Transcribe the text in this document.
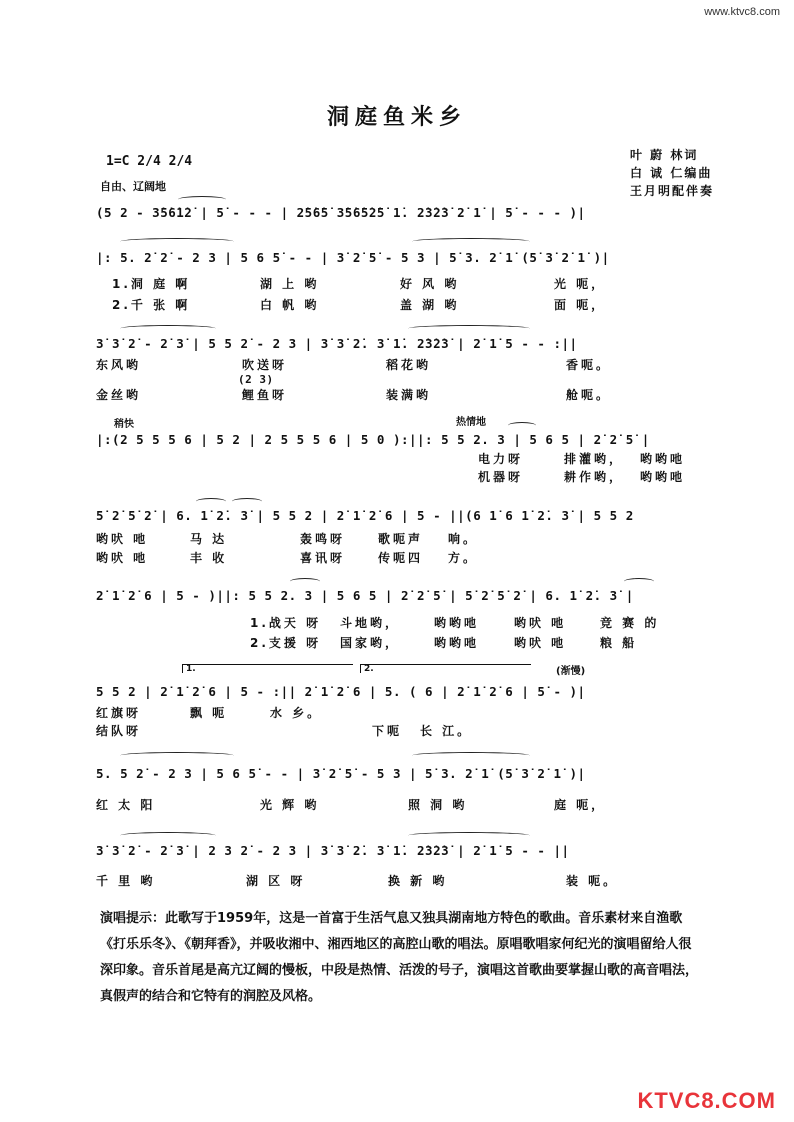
www.ktvc8.com
洞庭鱼米乡
叶 蔚 林词
白 诚 仁编曲
王月明配伴奏
1=C 2/4 2/4
自由、辽阔地
(5 2 - 3̇5̇6̇1̇2̇ | 5̇ - - - | 2̇5̇6̇5̇ 3̇5̇6̇5̇2̇5̇ 1̇. 2̇3̇2̇3̇ 2̇ 1̇ | 5̇ - - - )|
|: 5. 2̇ 2̇ - 2 3 | 5 6 5̇ - - | 3̇ 2̇ 5̇ - 5 3 | 5̇ 3. 2̇ 1̇ (5̇ 3̇ 2̇ 1̇ )|
1.洞 庭 啊	湖 上 哟	好 风 哟	光 呃，
2.千 张 啊	白 帆 哟	盖 湖 哟	面 呃，
3̇ 3̇ 2̇ - 2̇ 3̇ | 5 5 2̇ - 2 3 | 3̇ 3̇ 2̇. 3̇ 1̇. 2̇3̇2̇3̇ | 2̇ 1̇ 5 - - :||
东风哟	吹送呀	稻花哟	香呃。
(2 3)
金丝哟	鲤鱼呀	装满哟	舱呃。
稍快	热情地
|:(2 5 5 5 6 | 5 2 | 2 5 5 5 6 | 5 0 ):||: 5 5 2. 3 | 5 6 5 | 2̇ 2̇ 5̇ |
电力呀	排灌哟， 哟哟吔
机器呀	耕作哟， 哟哟吔
5̇ 2̇ 5̇ 2̇ | 6. 1̇ 2̇. 3̇ | 5 5 2 | 2̇ 1̇ 2̇ 6 | 5 - ||(6 1̇ 6 1̇ 2̇. 3̇ | 5 5 2
哟吠 吔	马 达	轰鸣呀	歌呃声 响。
哟吠 吔	丰 收	喜讯呀	传呃四 方。
2̇ 1̇ 2̇ 6 | 5 - )||: 5 5 2. 3 | 5 6 5 | 2̇ 2̇ 5̇ | 5̇ 2̇ 5̇ 2̇ | 6. 1̇ 2̇. 3̇ |
1.战天 呀 斗地哟，	哟哟吔	哟吠 吔	竞 赛 的
2.支援 呀 国家哟，	哟哟吔	哟吠 吔	粮 船
1.	2.	(渐慢)
5 5 2 | 2̇ 1̇ 2̇ 6 | 5 - :|| 2̇ 1̇ 2̇ 6 | 5. ( 6 | 2̇ 1̇ 2̇ 6 | 5̇ - )|
红旗呀	飘 呃	水 乡。
结队呀	下呃 长 江。
5. 5 2̇ - 2 3 | 5 6 5̇ - - | 3̇ 2̇ 5̇ - 5 3 | 5̇ 3. 2̇ 1̇ (5̇ 3̇ 2̇ 1̇ )|
红 太 阳	光 辉 哟	照 洞 哟	庭 呃，
3̇ 3̇ 2̇ - 2̇ 3̇ | 2 3 2̇ - 2 3 | 3̇ 3̇ 2̇. 3̇ 1̇. 2̇3̇2̇3̇ | 2̇ 1̇ 5 - - ||
千 里 哟	湖 区 呀	换 新 哟	装 呃。
演唱提示：此歌写于1959年，这是一首富于生活气息又独具湖南地方特色的歌曲。音乐素材来自渔歌《打乐乐冬》、《朝拜香》，并吸收湘中、湘西地区的高腔山歌的唱法。原唱歌唱家何纪光的演唱留给人很深印象。音乐首尾是高亢辽阔的慢板，中段是热情、活泼的号子，演唱这首歌曲要掌握山歌的高音唱法，真假声的结合和它特有的润腔及风格。
KTVC8.COM
